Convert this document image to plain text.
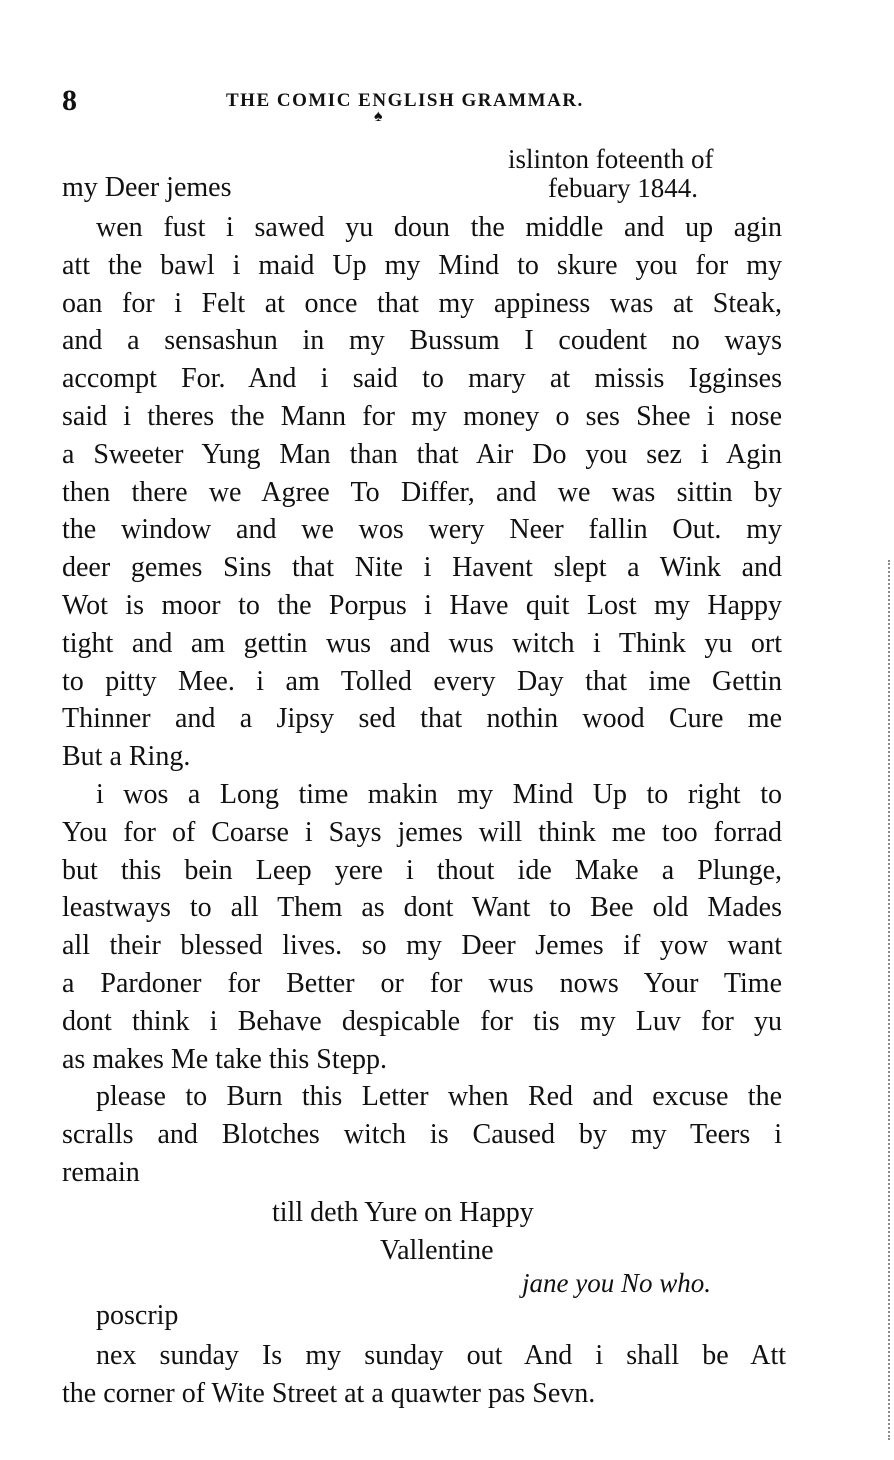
8	THE COMIC ENGLISH GRAMMAR.
♠
islinton foteenth of
febuary 1844.
my Deer jemes
wen fust i sawed yu doun the middle and up agin
att the bawl i maid Up my Mind to skure you for my
oan for i Felt at once that my appiness was at Steak,
and a sensashun in my Bussum I coudent no ways
accompt For. And i said to mary at missis Igginses
said i theres the Mann for my money o ses Shee i nose
a Sweeter Yung Man than that Air Do you sez i Agin
then there we Agree To Differ, and we was sittin by
the window and we wos wery Neer fallin Out. my
deer gemes Sins that Nite i Havent slept a Wink and
Wot is moor to the Porpus i Have quit Lost my Happy
tight and am gettin wus and wus witch i Think yu ort
to pitty Mee. i am Tolled every Day that ime Gettin
Thinner and a Jipsy sed that nothin wood Cure me
But a Ring.
i wos a Long time makin my Mind Up to right to
You for of Coarse i Says jemes will think me too forrad
but this bein Leep yere i thout ide Make a Plunge,
leastways to all Them as dont Want to Bee old Mades
all their blessed lives. so my Deer Jemes if yow want
a Pardoner for Better or for wus nows Your Time
dont think i Behave despicable for tis my Luv for yu
as makes Me take this Stepp.
please to Burn this Letter when Red and excuse the
scralls and Blotches witch is Caused by my Teers i
remain
till deth Yure on Happy
Vallentine
jane you No who.
poscrip
nex sunday Is my sunday out And i shall be Att
the corner of Wite Street at a quawter pas Sevn.
